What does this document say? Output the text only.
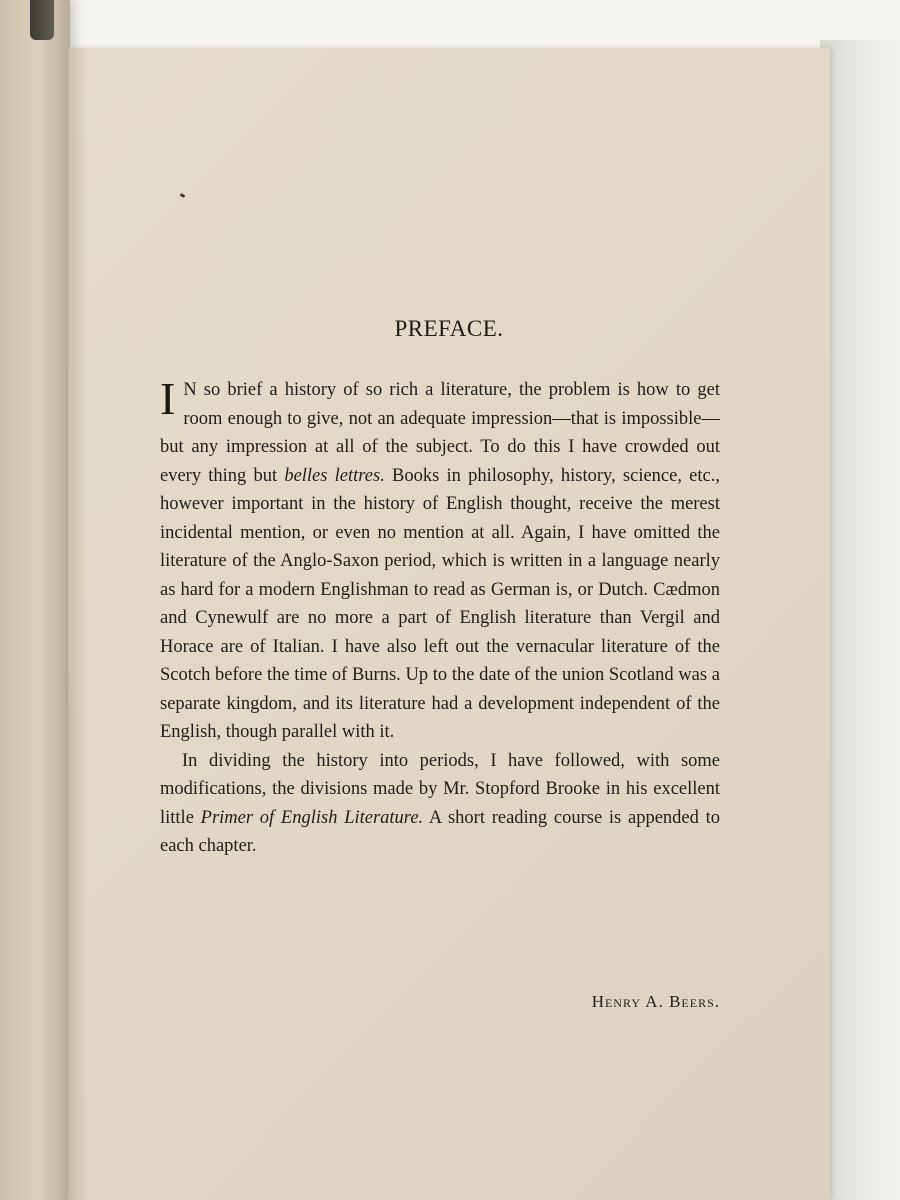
PREFACE.

I N so brief a history of so rich a literature, the problem is how to get room enough to give, not an adequate impression—that is impossible—but any impression at all of the subject. To do this I have crowded out every thing but belles lettres. Books in philosophy, history, science, etc., however important in the history of English thought, receive the merest incidental mention, or even no mention at all. Again, I have omitted the literature of the Anglo-Saxon period, which is written in a language nearly as hard for a modern Englishman to read as German is, or Dutch. Cædmon and Cynewulf are no more a part of English literature than Vergil and Horace are of Italian. I have also left out the vernacular literature of the Scotch before the time of Burns. Up to the date of the union Scotland was a separate kingdom, and its literature had a development independent of the English, though parallel with it.

In dividing the history into periods, I have followed, with some modifications, the divisions made by Mr. Stopford Brooke in his excellent little Primer of English Literature. A short reading course is appended to each chapter.

Henry A. Beers.
